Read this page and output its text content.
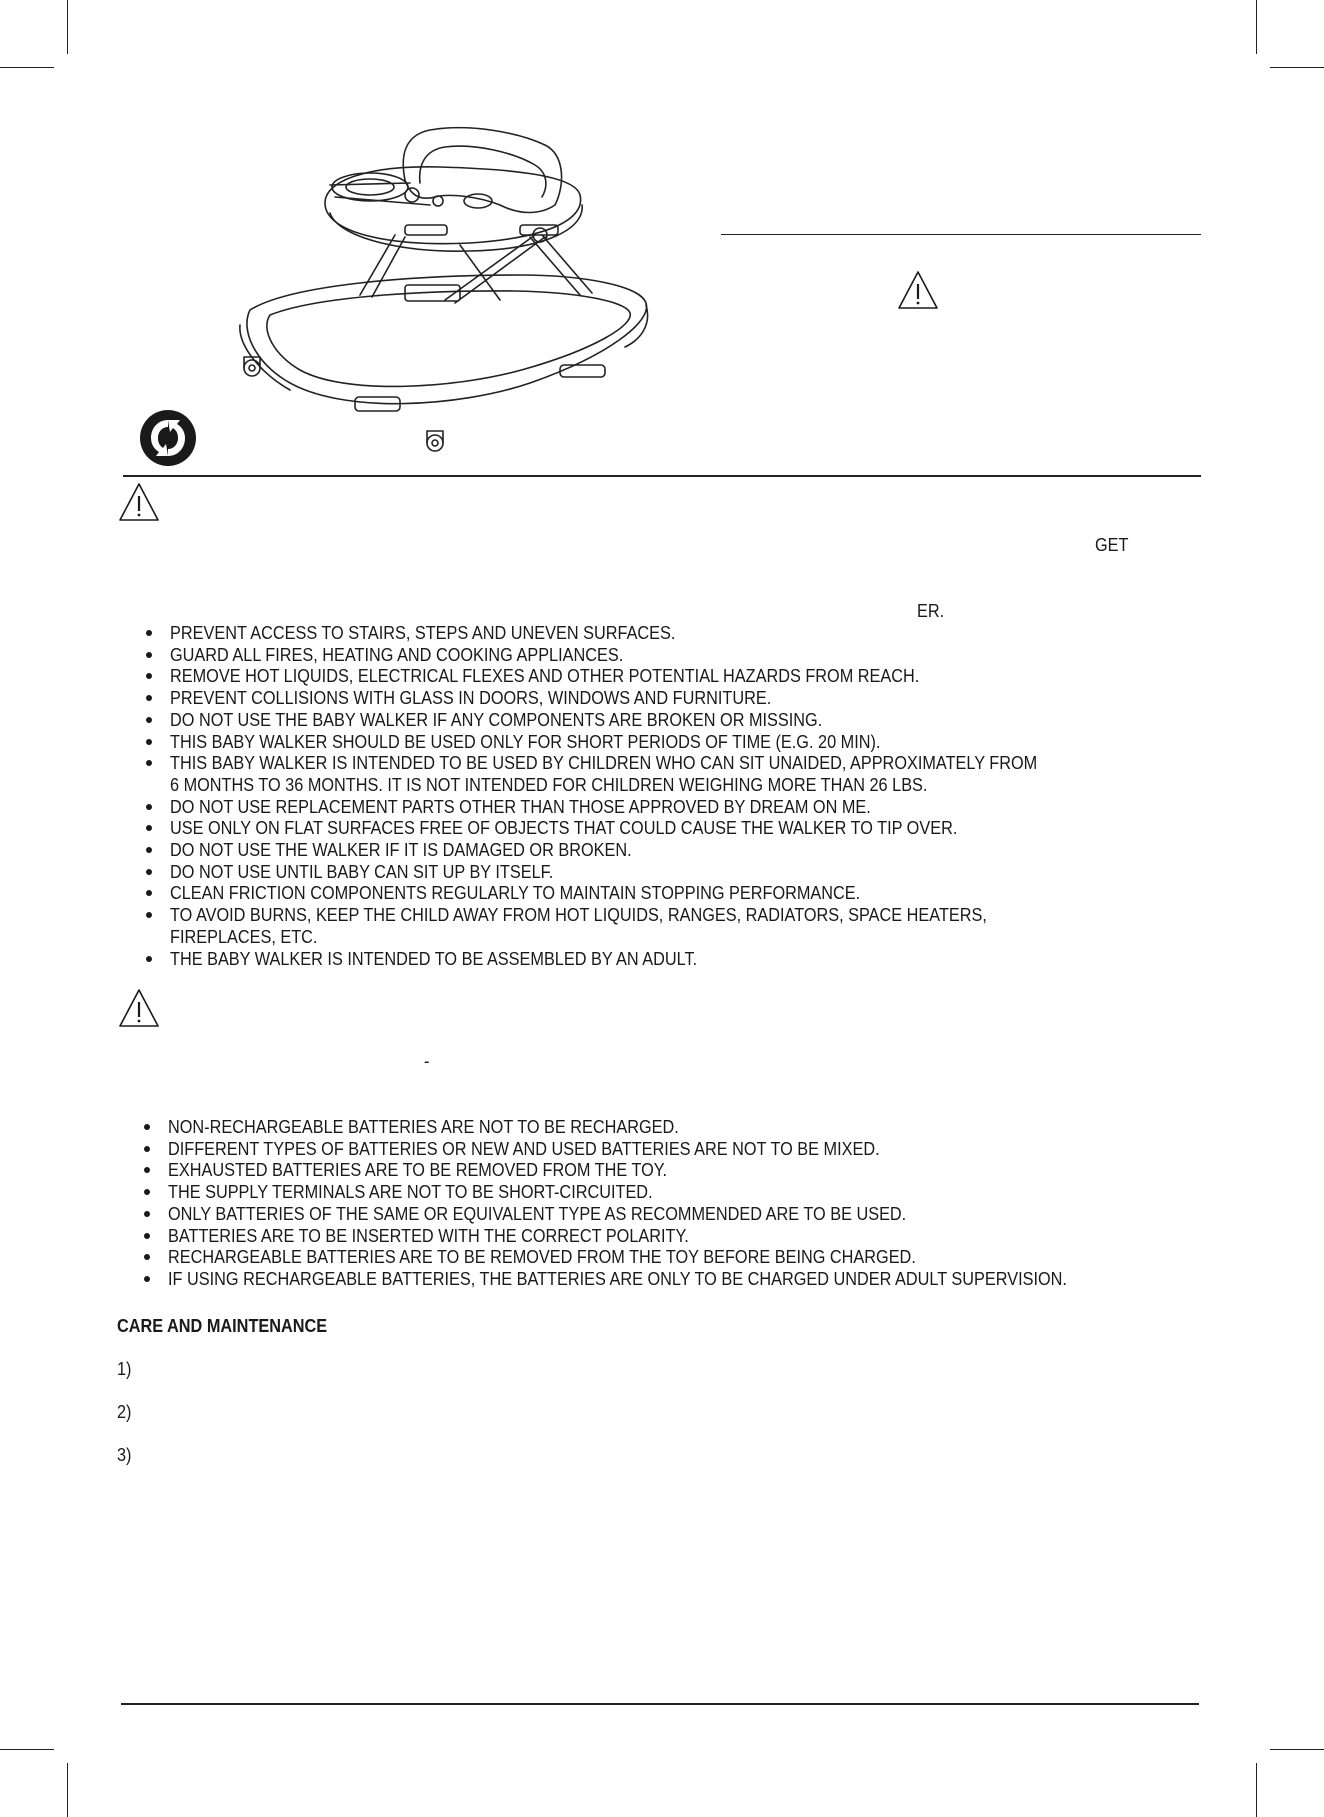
GET
ER.
PREVENT ACCESS TO STAIRS, STEPS AND UNEVEN SURFACES.
GUARD ALL FIRES, HEATING AND COOKING APPLIANCES.
REMOVE HOT LIQUIDS, ELECTRICAL FLEXES AND OTHER POTENTIAL HAZARDS FROM REACH.
PREVENT COLLISIONS WITH GLASS IN DOORS, WINDOWS AND FURNITURE.
DO NOT USE THE BABY WALKER IF ANY COMPONENTS ARE BROKEN OR MISSING.
THIS BABY WALKER SHOULD BE USED ONLY FOR SHORT PERIODS OF TIME (E.G. 20 MIN).
THIS BABY WALKER IS INTENDED TO BE USED BY CHILDREN WHO CAN SIT UNAIDED, APPROXIMATELY FROM 6 MONTHS TO 36 MONTHS. IT IS NOT INTENDED FOR CHILDREN WEIGHING MORE THAN 26 LBS.
DO NOT USE REPLACEMENT PARTS OTHER THAN THOSE APPROVED BY DREAM ON ME.
USE ONLY ON FLAT SURFACES FREE OF OBJECTS THAT COULD CAUSE THE WALKER TO TIP OVER.
DO NOT USE THE WALKER IF IT IS DAMAGED OR BROKEN.
DO NOT USE UNTIL BABY CAN SIT UP BY ITSELF.
CLEAN FRICTION COMPONENTS REGULARLY TO MAINTAIN STOPPING PERFORMANCE.
TO AVOID BURNS, KEEP THE CHILD AWAY FROM HOT LIQUIDS, RANGES, RADIATORS, SPACE HEATERS, FIREPLACES, ETC.
THE BABY WALKER IS INTENDED TO BE ASSEMBLED BY AN ADULT.
-
NON-RECHARGEABLE BATTERIES ARE NOT TO BE RECHARGED.
DIFFERENT TYPES OF BATTERIES OR NEW AND USED BATTERIES ARE NOT TO BE MIXED.
EXHAUSTED BATTERIES ARE TO BE REMOVED FROM THE TOY.
THE SUPPLY TERMINALS ARE NOT TO BE SHORT-CIRCUITED.
ONLY BATTERIES OF THE SAME OR EQUIVALENT TYPE AS RECOMMENDED ARE TO BE USED.
BATTERIES ARE TO BE INSERTED WITH THE CORRECT POLARITY.
RECHARGEABLE BATTERIES ARE TO BE REMOVED FROM THE TOY BEFORE BEING CHARGED.
IF USING RECHARGEABLE BATTERIES, THE BATTERIES ARE ONLY TO BE CHARGED UNDER ADULT SUPERVISION.
CARE AND MAINTENANCE
1)
2)
3)
